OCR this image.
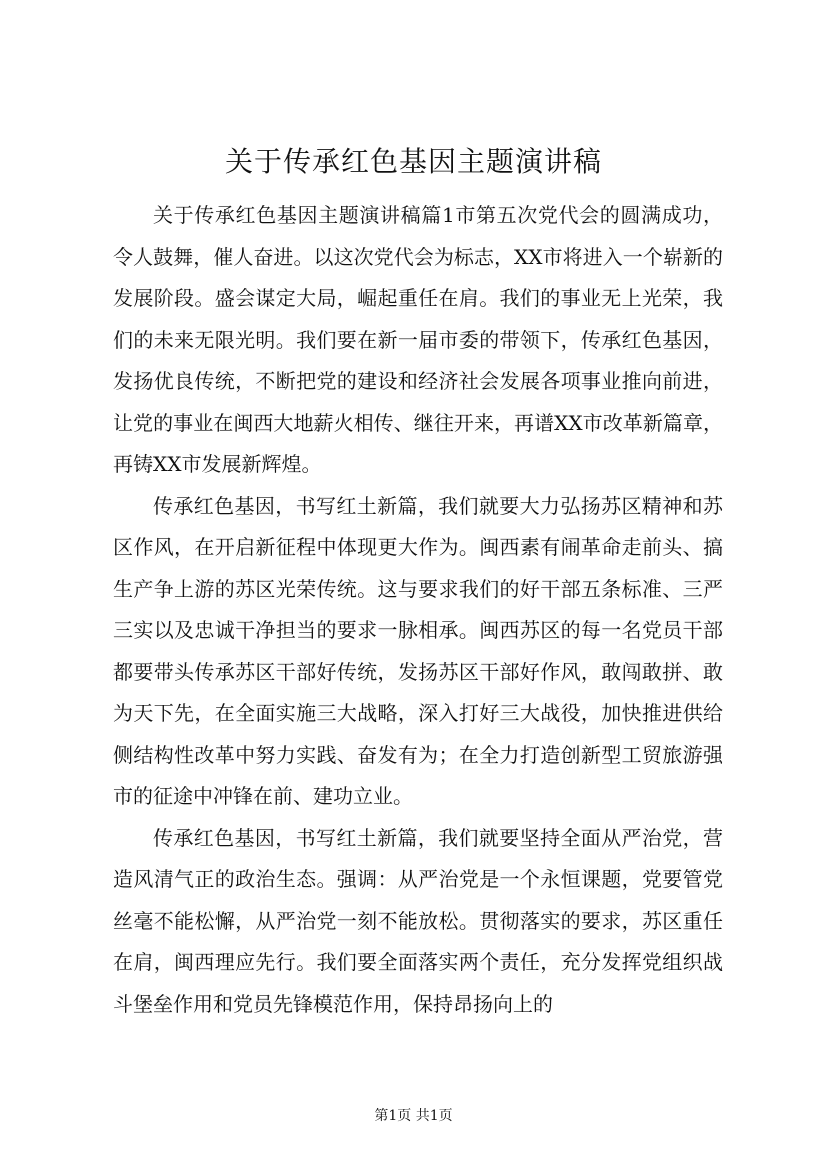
关于传承红色基因主题演讲稿

关于传承红色基因主题演讲稿篇1市第五次党代会的圆满成功，令人鼓舞，催人奋进。以这次党代会为标志，XX市将进入一个崭新的发展阶段。盛会谋定大局，崛起重任在肩。我们的事业无上光荣，我们的未来无限光明。我们要在新一届市委的带领下，传承红色基因，发扬优良传统，不断把党的建设和经济社会发展各项事业推向前进，让党的事业在闽西大地薪火相传、继往开来，再谱XX市改革新篇章，再铸XX市发展新辉煌。

传承红色基因，书写红土新篇，我们就要大力弘扬苏区精神和苏区作风，在开启新征程中体现更大作为。闽西素有闹革命走前头、搞生产争上游的苏区光荣传统。这与要求我们的好干部五条标准、三严三实以及忠诚干净担当的要求一脉相承。闽西苏区的每一名党员干部都要带头传承苏区干部好传统，发扬苏区干部好作风，敢闯敢拼、敢为天下先，在全面实施三大战略，深入打好三大战役，加快推进供给侧结构性改革中努力实践、奋发有为；在全力打造创新型工贸旅游强市的征途中冲锋在前、建功立业。

传承红色基因，书写红土新篇，我们就要坚持全面从严治党，营造风清气正的政治生态。强调：从严治党是一个永恒课题，党要管党丝毫不能松懈，从严治党一刻不能放松。贯彻落实的要求，苏区重任在肩，闽西理应先行。我们要全面落实两个责任，充分发挥党组织战斗堡垒作用和党员先锋模范作用，保持昂扬向上的

第1页 共1页
